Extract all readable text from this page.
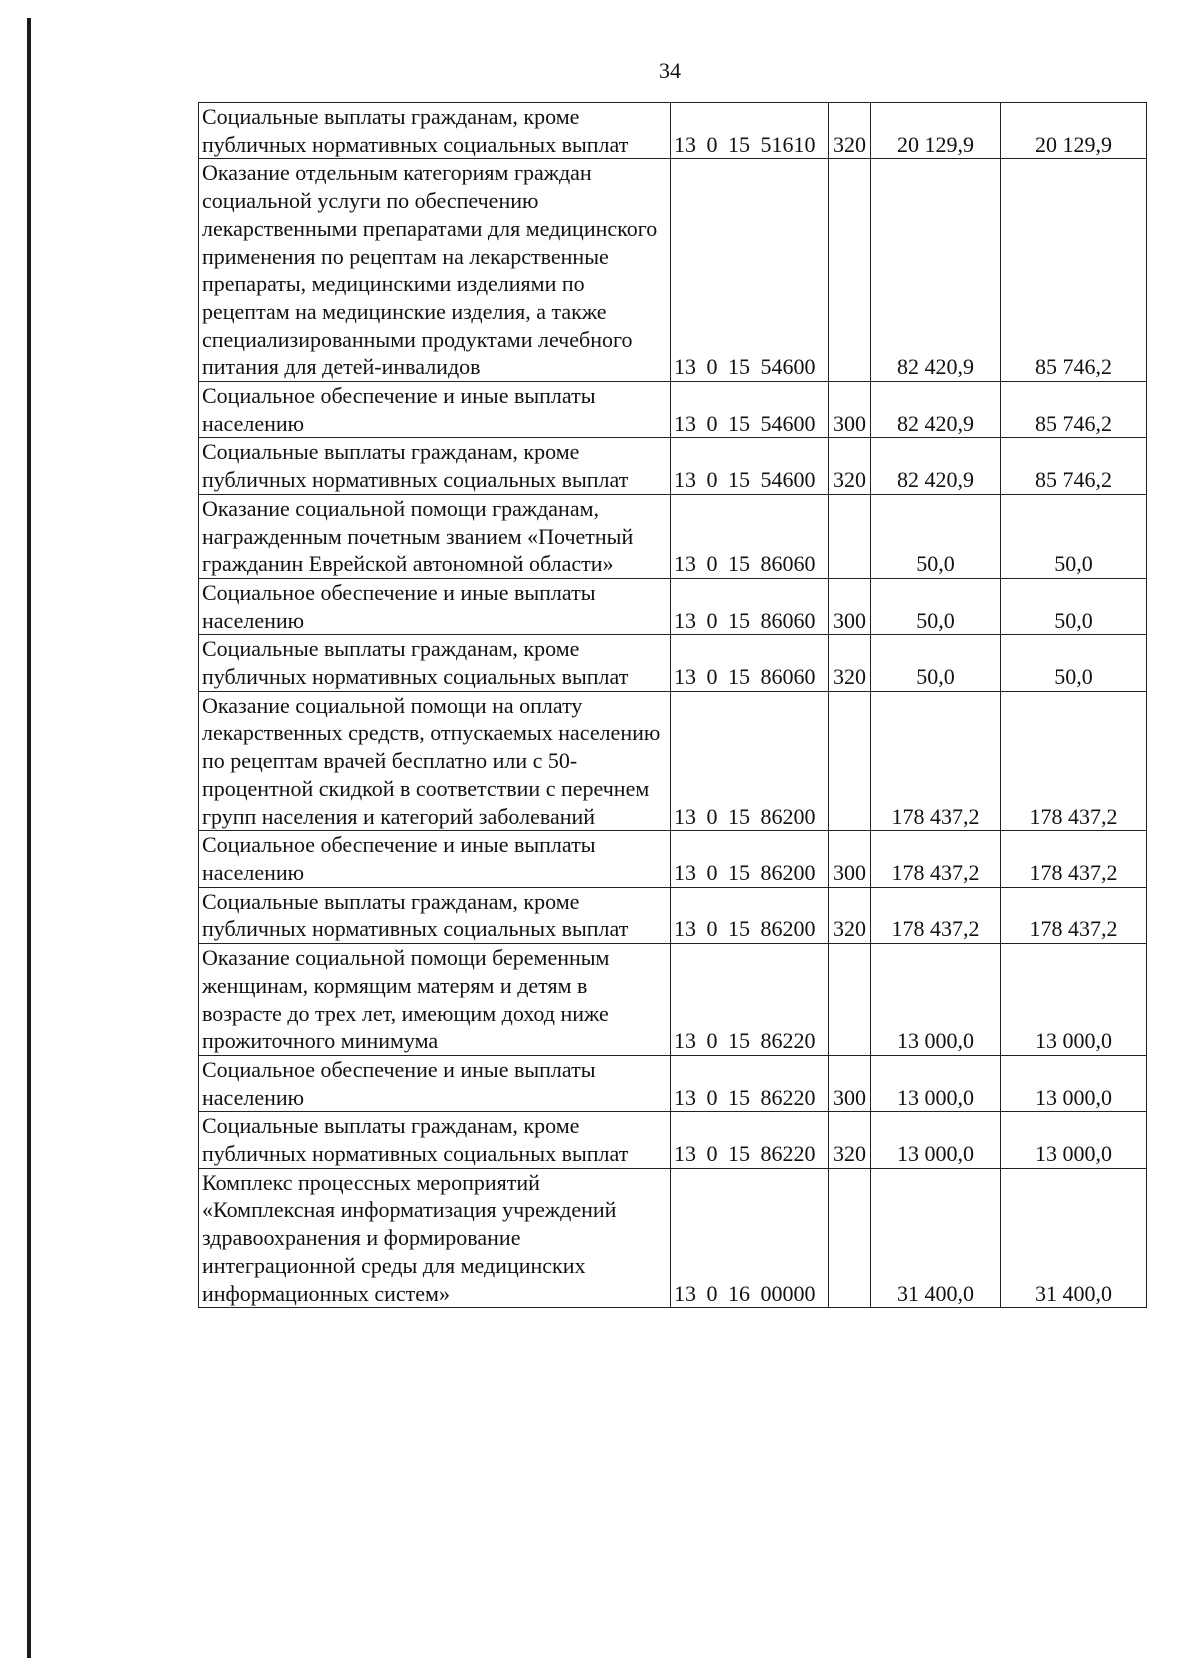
34
Социальные выплаты гражданам, кроме публичных нормативных социальных выплат	13 0 15 51610	320	20 129,9	20 129,9
Оказание отдельным категориям граждан социальной услуги по обеспечению лекарственными препаратами для медицинского применения по рецептам на лекарственные препараты, медицинскими изделиями по рецептам на медицинские изделия, а также специализированными продуктами лечебного питания для детей-инвалидов	13 0 15 54600		82 420,9	85 746,2
Социальное обеспечение и иные выплаты населению	13 0 15 54600	300	82 420,9	85 746,2
Социальные выплаты гражданам, кроме публичных нормативных социальных выплат	13 0 15 54600	320	82 420,9	85 746,2
Оказание социальной помощи гражданам, награжденным почетным званием «Почетный гражданин Еврейской автономной области»	13 0 15 86060		50,0	50,0
Социальное обеспечение и иные выплаты населению	13 0 15 86060	300	50,0	50,0
Социальные выплаты гражданам, кроме публичных нормативных социальных выплат	13 0 15 86060	320	50,0	50,0
Оказание социальной помощи на оплату лекарственных средств, отпускаемых населению по рецептам врачей бесплатно или с 50-процентной скидкой в соответствии с перечнем групп населения и категорий заболеваний	13 0 15 86200		178 437,2	178 437,2
Социальное обеспечение и иные выплаты населению	13 0 15 86200	300	178 437,2	178 437,2
Социальные выплаты гражданам, кроме публичных нормативных социальных выплат	13 0 15 86200	320	178 437,2	178 437,2
Оказание социальной помощи беременным женщинам, кормящим матерям и детям в возрасте до трех лет, имеющим доход ниже прожиточного минимума	13 0 15 86220		13 000,0	13 000,0
Социальное обеспечение и иные выплаты населению	13 0 15 86220	300	13 000,0	13 000,0
Социальные выплаты гражданам, кроме публичных нормативных социальных выплат	13 0 15 86220	320	13 000,0	13 000,0
Комплекс процессных мероприятий «Комплексная информатизация учреждений здравоохранения и формирование интеграционной среды для медицинских информационных систем»	13 0 16 00000		31 400,0	31 400,0
